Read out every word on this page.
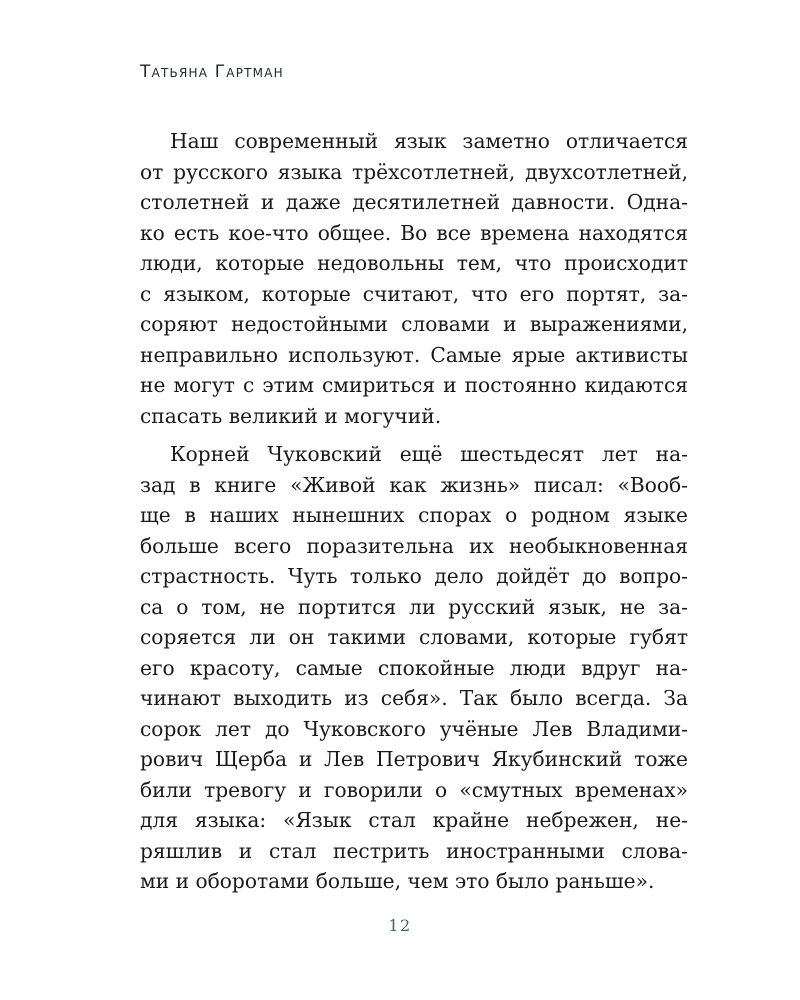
Татьяна Гартман
Наш современный язык заметно отличается
от русского языка трёхсотлетней, двухсотлетней,
столетней и даже десятилетней давности. Одна-
ко есть кое-что общее. Во все времена находятся
люди, которые недовольны тем, что происходит
с языком, которые считают, что его портят, за-
соряют недостойными словами и выражениями,
неправильно используют. Самые ярые активисты
не могут с этим смириться и постоянно кидаются
спасать великий и могучий.
Корней Чуковский ещё шестьдесят лет на-
зад в книге «Живой как жизнь» писал: «Вооб-
ще в наших нынешних спорах о родном языке
больше всего поразительна их необыкновенная
страстность. Чуть только дело дойдёт до вопро-
са о том, не портится ли русский язык, не за-
соряется ли он такими словами, которые губят
его красоту, самые спокойные люди вдруг на-
чинают выходить из себя». Так было всегда. За
сорок лет до Чуковского учёные Лев Владими-
рович Щерба и Лев Петрович Якубинский тоже
били тревогу и говорили о «смутных временах»
для языка: «Язык стал крайне небрежен, не-
ряшлив и стал пестрить иностранными слова-
ми и оборотами больше, чем это было раньше».
12
